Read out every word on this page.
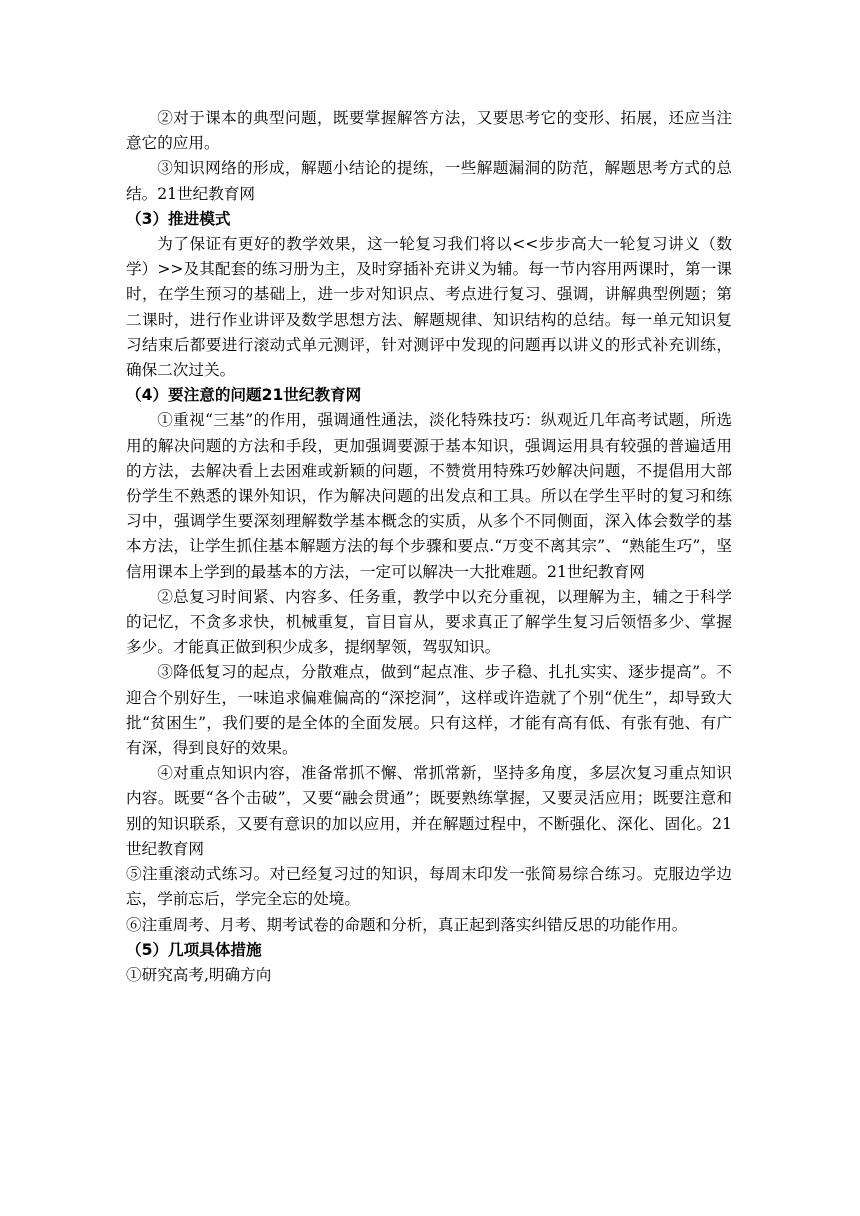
②对于课本的典型问题，既要掌握解答方法，又要思考它的变形、拓展，还应当注意它的应用。

③知识网络的形成，解题小结论的提练，一些解题漏洞的防范，解题思考方式的总结。21世纪教育网

（3）推进模式

为了保证有更好的教学效果，这一轮复习我们将以<<步步高大一轮复习讲义（数学）>>及其配套的练习册为主，及时穿插补充讲义为辅。每一节内容用两课时，第一课时，在学生预习的基础上，进一步对知识点、考点进行复习、强调，讲解典型例题；第二课时，进行作业讲评及数学思想方法、解题规律、知识结构的总结。每一单元知识复习结束后都要进行滚动式单元测评，针对测评中发现的问题再以讲义的形式补充训练，确保二次过关。

（4）要注意的问题21世纪教育网

①重视“三基”的作用，强调通性通法，淡化特殊技巧：纵观近几年高考试题，所选用的解决问题的方法和手段，更加强调要源于基本知识，强调运用具有较强的普遍适用的方法，去解决看上去困难或新颖的问题，不赞赏用特殊巧妙解决问题，不提倡用大部份学生不熟悉的课外知识，作为解决问题的出发点和工具。所以在学生平时的复习和练习中，强调学生要深刻理解数学基本概念的实质，从多个不同侧面，深入体会数学的基本方法，让学生抓住基本解题方法的每个步骤和要点.“万变不离其宗”、“熟能生巧”，坚信用课本上学到的最基本的方法，一定可以解决一大批难题。21世纪教育网

②总复习时间紧、内容多、任务重，教学中以充分重视，以理解为主，辅之于科学的记忆，不贪多求快，机械重复，盲目盲从，要求真正了解学生复习后领悟多少、掌握多少。才能真正做到积少成多，提纲挈领，驾驭知识。

③降低复习的起点，分散难点，做到“起点准、步子稳、扎扎实实、逐步提高”。不迎合个别好生，一味追求偏难偏高的“深挖洞”，这样或许造就了个别“优生”，却导致大批“贫困生”，我们要的是全体的全面发展。只有这样，才能有高有低、有张有弛、有广有深，得到良好的效果。

④对重点知识内容，准备常抓不懈、常抓常新，坚持多角度，多层次复习重点知识内容。既要“各个击破”，又要“融会贯通”；既要熟练掌握，又要灵活应用；既要注意和别的知识联系，又要有意识的加以应用，并在解题过程中，不断强化、深化、固化。21世纪教育网

⑤注重滚动式练习。对已经复习过的知识，每周末印发一张简易综合练习。克服边学边忘，学前忘后，学完全忘的处境。

⑥注重周考、月考、期考试卷的命题和分析，真正起到落实纠错反思的功能作用。

（5）几项具体措施

①研究高考,明确方向
